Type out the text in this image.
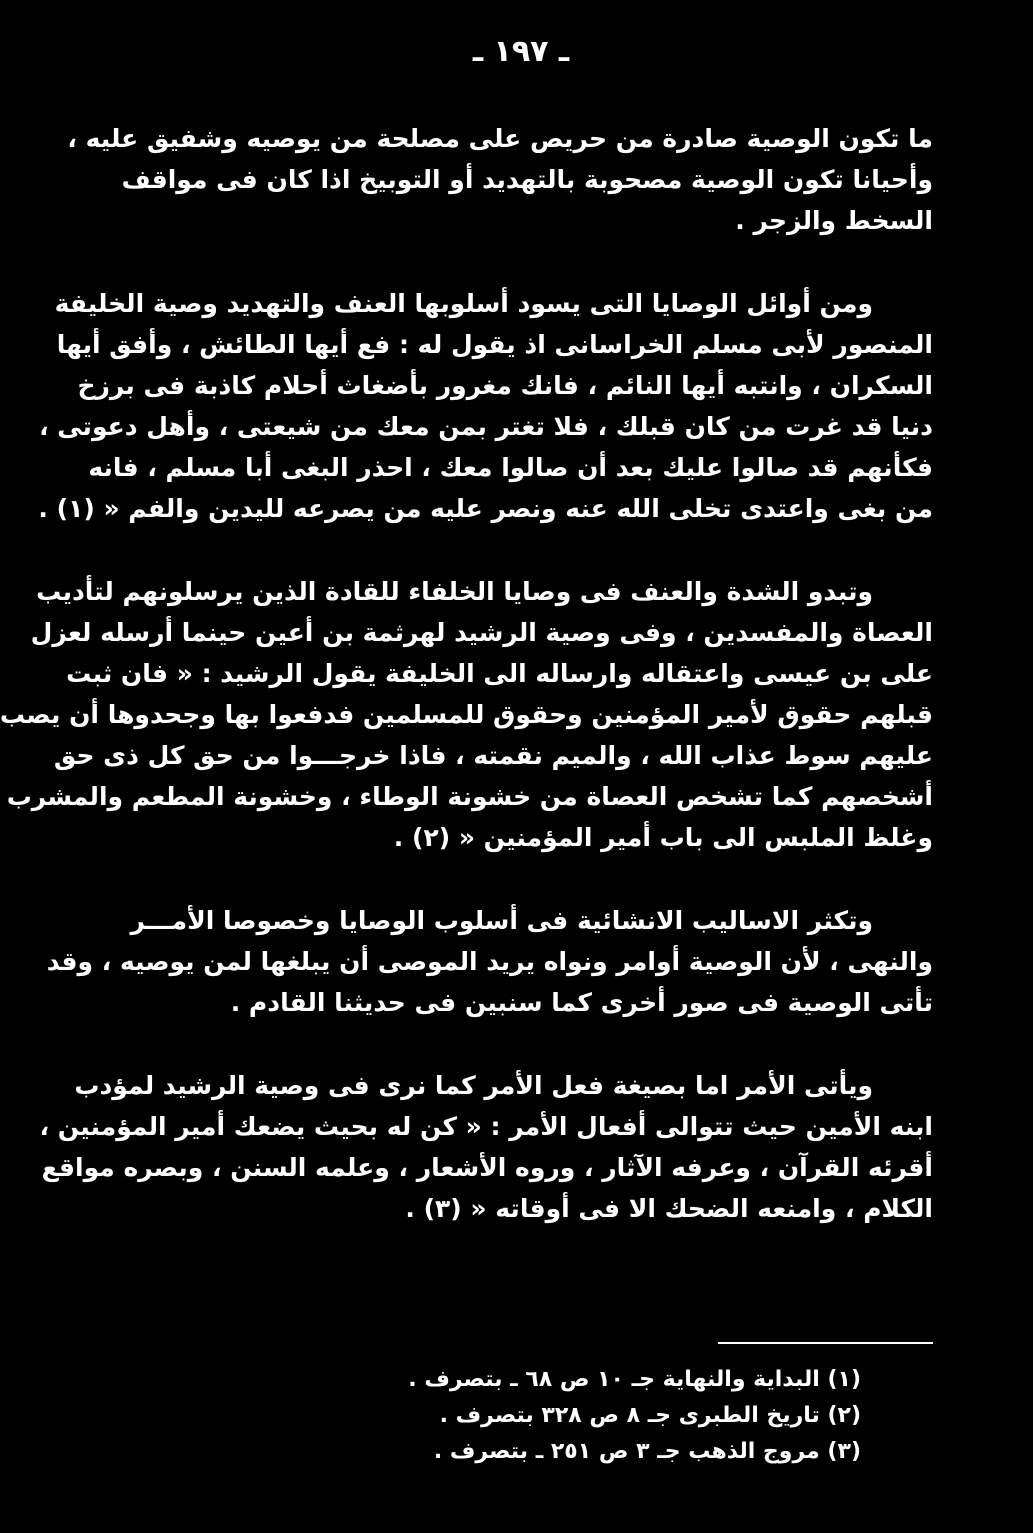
ـ ١٩٧ ـ

ما تكون الوصية صادرة من حريص على مصلحة من يوصيه وشفيق عليه ،
وأحيانا تكون الوصية مصحوبة بالتهديد أو التوبيخ اذا كان فى مواقف
السخط والزجر .

ومن أوائل الوصايا التى يسود أسلوبها العنف والتهديد وصية الخليفة
المنصور لأبى مسلم الخراسانى اذ يقول له : فع أيها الطائش ، وأفق أيها
السكران ، وانتبه أيها النائم ، فانك مغرور بأضغاث أحلام كاذبة فى برزخ
دنيا قد غرت من كان قبلك ، فلا تغتر بمن معك من شيعتى ، وأهل دعوتى ،
فكأنهم قد صالوا عليك بعد أن صالوا معك ، احذر البغى أبا مسلم ، فانه
من بغى واعتدى تخلى الله عنه ونصر عليه من يصرعه لليدين والفم « (١) .

وتبدو الشدة والعنف فى وصايا الخلفاء للقادة الذين يرسلونهم لتأديب
العصاة والمفسدين ، وفى وصية الرشيد لهرثمة بن أعين حينما أرسله لعزل
على بن عيسى واعتقاله وارساله الى الخليفة يقول الرشيد : « فان ثبت
قبلهم حقوق لأمير المؤمنين وحقوق للمسلمين فدفعوا بها وجحدوها أن يصب
عليهم سوط عذاب الله ، والميم نقمته ، فاذا خرجـــوا من حق كل ذى حق
أشخصهم كما تشخص العصاة من خشونة الوطاء ، وخشونة المطعم والمشرب
وغلظ الملبس الى باب أمير المؤمنين « (٢) .

وتكثر الاساليب الانشائية فى أسلوب الوصايا وخصوصا الأمـــر
والنهى ، لأن الوصية أوامر ونواه يريد الموصى أن يبلغها لمن يوصيه ، وقد
تأتى الوصية فى صور أخرى كما سنبين فى حديثنا القادم .

ويأتى الأمر اما بصيغة فعل الأمر كما نرى فى وصية الرشيد لمؤدب
ابنه الأمين حيث تتوالى أفعال الأمر : « كن له بحيث يضعك أمير المؤمنين ،
أقرئه القرآن ، وعرفه الآثار ، وروه الأشعار ، وعلمه السنن ، وبصره مواقع
الكلام ، وامنعه الضحك الا فى أوقاته « (٣) .

(١) البداية والنهاية جـ ١٠ ص ٦٨ ـ بتصرف .
(٢) تاريخ الطبرى جـ ٨ ص ٣٢٨ بتصرف .
(٣) مروج الذهب جـ ٣ ص ٢٥١ ـ بتصرف .
